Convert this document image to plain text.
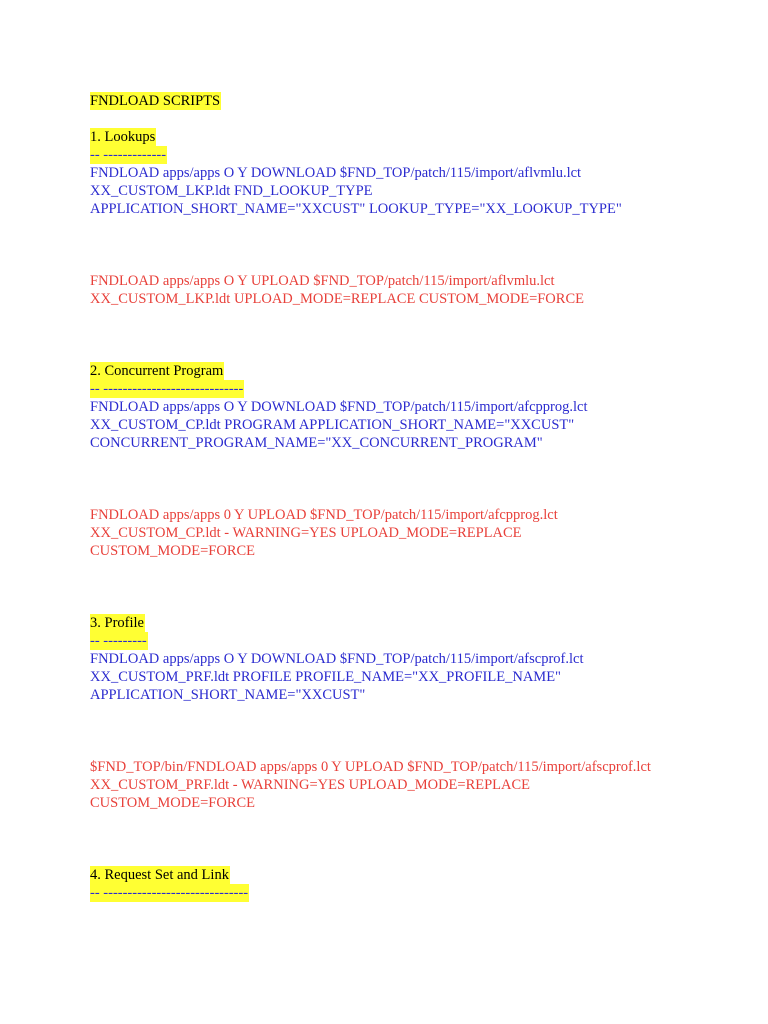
FNDLOAD SCRIPTS
1. Lookups
-- -------------
FNDLOAD apps/apps O Y DOWNLOAD $FND_TOP/patch/115/import/aflvmlu.lct
XX_CUSTOM_LKP.ldt FND_LOOKUP_TYPE
APPLICATION_SHORT_NAME="XXCUST" LOOKUP_TYPE="XX_LOOKUP_TYPE"
FNDLOAD apps/apps O Y UPLOAD $FND_TOP/patch/115/import/aflvmlu.lct
XX_CUSTOM_LKP.ldt UPLOAD_MODE=REPLACE CUSTOM_MODE=FORCE
2. Concurrent Program
-- -----------------------------
FNDLOAD apps/apps O Y DOWNLOAD $FND_TOP/patch/115/import/afcpprog.lct
XX_CUSTOM_CP.ldt PROGRAM APPLICATION_SHORT_NAME="XXCUST"
CONCURRENT_PROGRAM_NAME="XX_CONCURRENT_PROGRAM"
FNDLOAD apps/apps 0 Y UPLOAD $FND_TOP/patch/115/import/afcpprog.lct
XX_CUSTOM_CP.ldt - WARNING=YES UPLOAD_MODE=REPLACE
CUSTOM_MODE=FORCE
3. Profile
-- ---------
FNDLOAD apps/apps O Y DOWNLOAD $FND_TOP/patch/115/import/afscprof.lct
XX_CUSTOM_PRF.ldt PROFILE PROFILE_NAME="XX_PROFILE_NAME"
APPLICATION_SHORT_NAME="XXCUST"
$FND_TOP/bin/FNDLOAD apps/apps 0 Y UPLOAD $FND_TOP/patch/115/import/afscprof.lct
XX_CUSTOM_PRF.ldt - WARNING=YES UPLOAD_MODE=REPLACE
CUSTOM_MODE=FORCE
4. Request Set and Link
-- ------------------------------
